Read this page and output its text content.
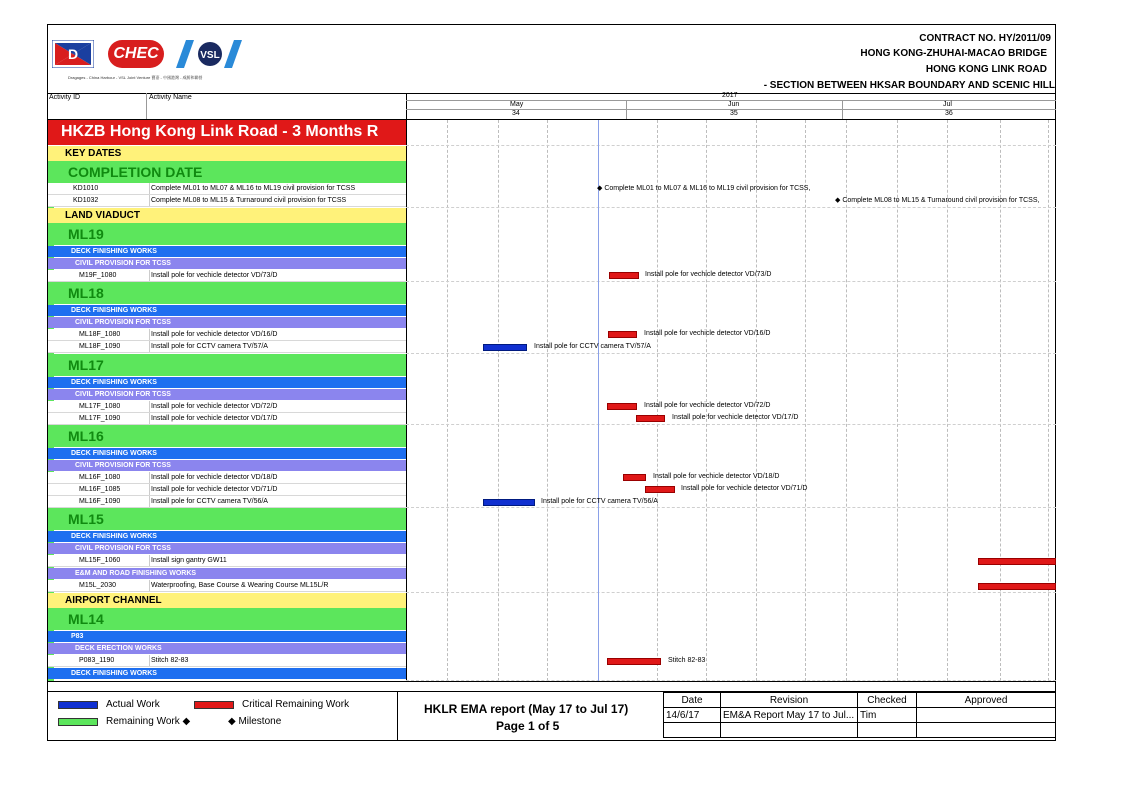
D	CHEC	VSL
Dragages - China Harbour - VSL Joint Venture 寶嘉 - 中國港灣 - 威勝和聯營
CONTRACT NO. HY/2011/09
HONG KONG-ZHUHAI-MACAO BRIDGE
HONG KONG LINK ROAD
- SECTION BETWEEN HKSAR BOUNDARY AND SCENIC HILL
Activity ID	Activity Name	2017
May	Jun	Jul
34	35	36
HKZB Hong Kong Link Road - 3 Months R
KEY DATES
COMPLETION DATE
KD1010	Complete ML01 to ML07 & ML16 to ML19 civil provision for TCSS
KD1032	Complete ML08 to ML15 & Turnaround civil provision for TCSS
LAND VIADUCT
ML19
DECK FINISHING WORKS
CIVIL PROVISION FOR TCSS
M19F_1080	Install pole for vechicle detector VD/73/D
ML18
DECK FINISHING WORKS
CIVIL PROVISION FOR TCSS
ML18F_1080	Install pole for vechicle detector VD/16/D
ML18F_1090	Install pole for CCTV camera TV/57/A
ML17
DECK FINISHING WORKS
CIVIL PROVISION FOR TCSS
ML17F_1080	Install pole for vechicle detector VD/72/D
ML17F_1090	Install pole for vechicle detector VD/17/D
ML16
DECK FINISHING WORKS
CIVIL PROVISION FOR TCSS
ML16F_1080	Install pole for vechicle detector VD/18/D
ML16F_1085	Install pole for vechicle detector VD/71/D
ML16F_1090	Install pole for CCTV camera TV/56/A
ML15
DECK FINISHING WORKS
CIVIL PROVISION FOR TCSS
ML15F_1060	Install sign gantry GW11
E&M AND ROAD FINISHING WORKS
M15L_2030	Waterproofing, Base Course & Wearing Course ML15L/R
AIRPORT CHANNEL
ML14
P83
DECK ERECTION WORKS
P083_1190	Stitch 82-83
DECK FINISHING WORKS
◆ Complete ML01 to ML07 & ML16 to ML19 civil provision for TCSS,
◆ Complete ML08 to ML15 & Turnaround civil provision for TCSS,
Install pole for vechicle detector VD/73/D
Install pole for vechicle detector VD/16/D
Install pole for CCTV camera TV/57/A
Install pole for vechicle detector VD/72/D
Install pole for vechicle detector VD/17/D
Install pole for vechicle detector VD/18/D
Install pole for vechicle detector VD/71/D
Install pole for CCTV camera TV/56/A
Stitch 82-83
Actual Work	Critical Remaining Work
Remaining Work ◆	◆ Milestone
HKLR EMA report (May 17 to Jul 17)
Page 1 of 5
Date	Revision	Checked	Approved
14/6/17	EM&A Report May 17 to Jul...	Tim	
